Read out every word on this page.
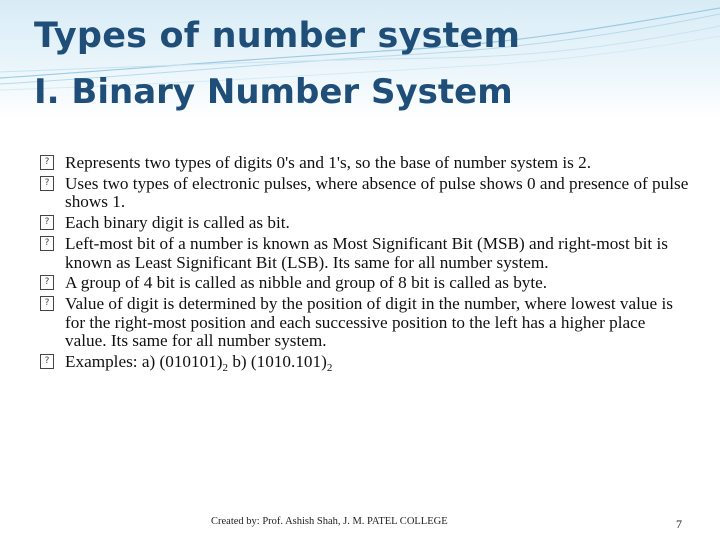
Types of number system
I. Binary Number System
? Represents two types of digits 0's and 1's, so the base of number system is 2.
? Uses two types of electronic pulses, where absence of pulse shows 0 and presence of pulse shows 1.
? Each binary digit is called as bit.
? Left-most bit of a number is known as Most Significant Bit (MSB) and right-most bit is known as Least Significant Bit (LSB). Its same for all number system.
? A group of 4 bit is called as nibble and group of 8 bit is called as byte.
? Value of digit is determined by the position of digit in the number, where lowest value is for the right-most position and each successive position to the left has a higher place value. Its same for all number system.
? Examples: a) $(010101)_2$ b) $(1010.101)_2$

Created by: Prof. Ashish Shah, J. M. PATEL COLLEGE	7
